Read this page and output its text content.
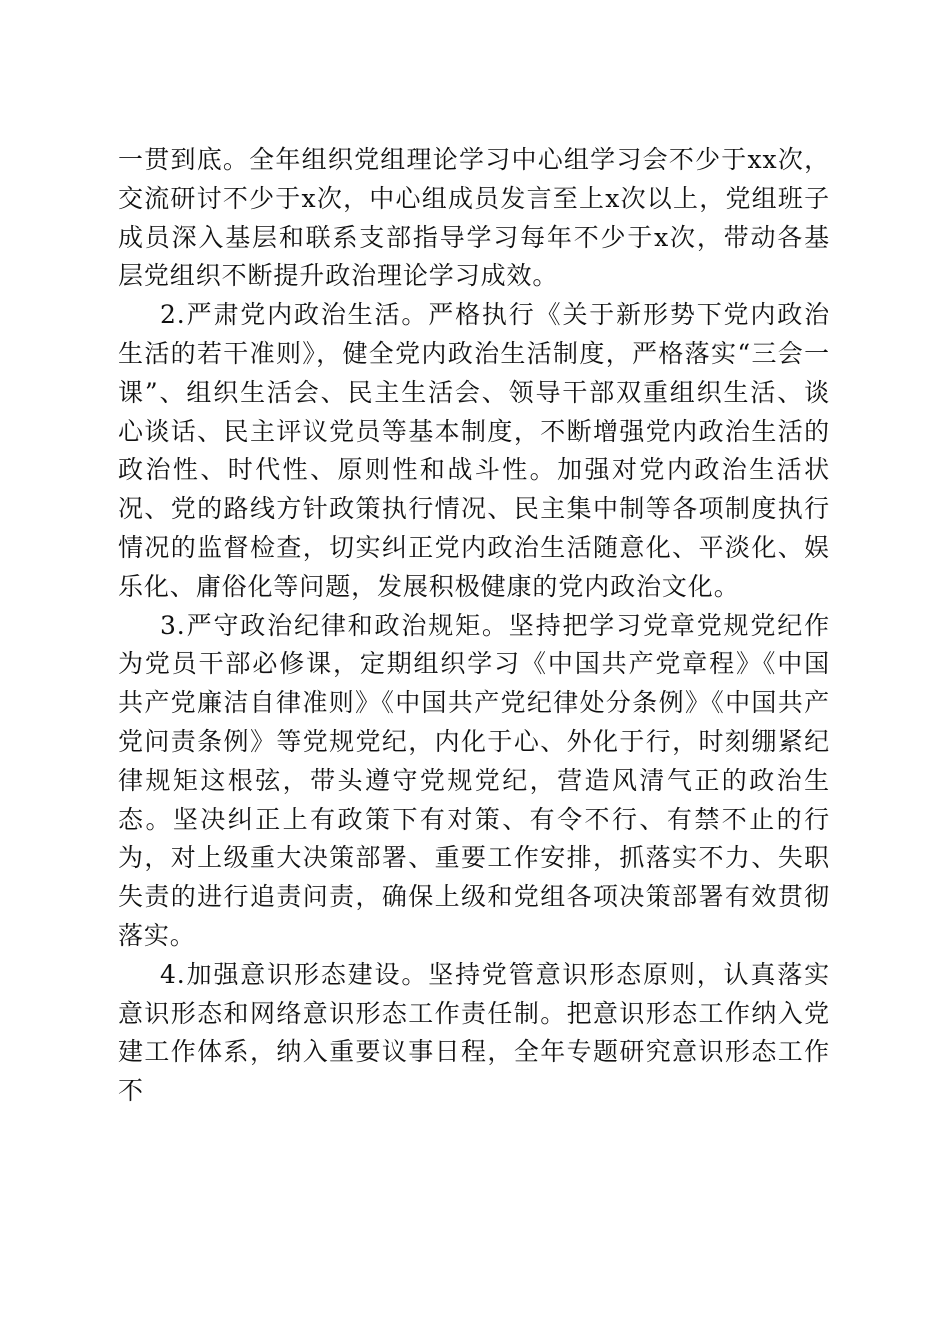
一贯到底。全年组织党组理论学习中心组学习会不少于xx次，交流研讨不少于x次，中心组成员发言至上x次以上，党组班子成员深入基层和联系支部指导学习每年不少于x次，带动各基层党组织不断提升政治理论学习成效。

2.严肃党内政治生活。严格执行《关于新形势下党内政治生活的若干准则》，健全党内政治生活制度，严格落实“三会一课”、组织生活会、民主生活会、领导干部双重组织生活、谈心谈话、民主评议党员等基本制度，不断增强党内政治生活的政治性、时代性、原则性和战斗性。加强对党内政治生活状况、党的路线方针政策执行情况、民主集中制等各项制度执行情况的监督检查，切实纠正党内政治生活随意化、平淡化、娱乐化、庸俗化等问题，发展积极健康的党内政治文化。

3.严守政治纪律和政治规矩。坚持把学习党章党规党纪作为党员干部必修课，定期组织学习《中国共产党章程》《中国共产党廉洁自律准则》《中国共产党纪律处分条例》《中国共产党问责条例》等党规党纪，内化于心、外化于行，时刻绷紧纪律规矩这根弦，带头遵守党规党纪，营造风清气正的政治生态。坚决纠正上有政策下有对策、有令不行、有禁不止的行为，对上级重大决策部署、重要工作安排，抓落实不力、失职失责的进行追责问责，确保上级和党组各项决策部署有效贯彻落实。

4.加强意识形态建设。坚持党管意识形态原则，认真落实意识形态和网络意识形态工作责任制。把意识形态工作纳入党建工作体系，纳入重要议事日程，全年专题研究意识形态工作不
